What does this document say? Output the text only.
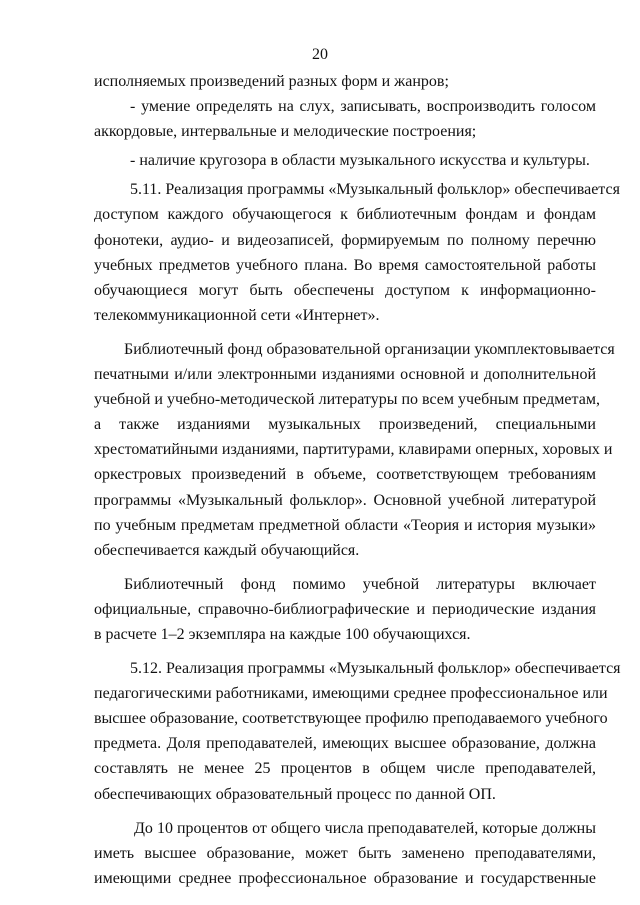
20
исполняемых произведений разных форм и жанров;
- умение определять на слух, записывать, воспроизводить голосом
аккордовые, интервальные и мелодические построения;
- наличие кругозора в области музыкального искусства и культуры.
5.11. Реализация программы «Музыкальный фольклор» обеспечивается
доступом каждого обучающегося к библиотечным фондам и фондам
фонотеки, аудио- и видеозаписей, формируемым по полному перечню
учебных предметов учебного плана. Во время самостоятельной работы
обучающиеся могут быть обеспечены доступом к информационно-
телекоммуникационной сети «Интернет».
Библиотечный фонд образовательной организации укомплектовывается
печатными и/или электронными изданиями основной и дополнительной
учебной и учебно-методической литературы по всем учебным предметам,
а также изданиями музыкальных произведений, специальными
хрестоматийными изданиями, партитурами, клавирами оперных, хоровых и
оркестровых произведений в объеме, соответствующем требованиям
программы «Музыкальный фольклор». Основной учебной литературой
по учебным предметам предметной области «Теория и история музыки»
обеспечивается каждый обучающийся.
Библиотечный фонд помимо учебной литературы включает
официальные, справочно-библиографические и периодические издания
в расчете 1–2 экземпляра на каждые 100 обучающихся.
5.12. Реализация программы «Музыкальный фольклор» обеспечивается
педагогическими работниками, имеющими среднее профессиональное или
высшее образование, соответствующее профилю преподаваемого учебного
предмета. Доля преподавателей, имеющих высшее образование, должна
составлять не менее 25 процентов в общем числе преподавателей,
обеспечивающих образовательный процесс по данной ОП.
До 10 процентов от общего числа преподавателей, которые должны
иметь высшее образование, может быть заменено преподавателями,
имеющими среднее профессиональное образование и государственные
